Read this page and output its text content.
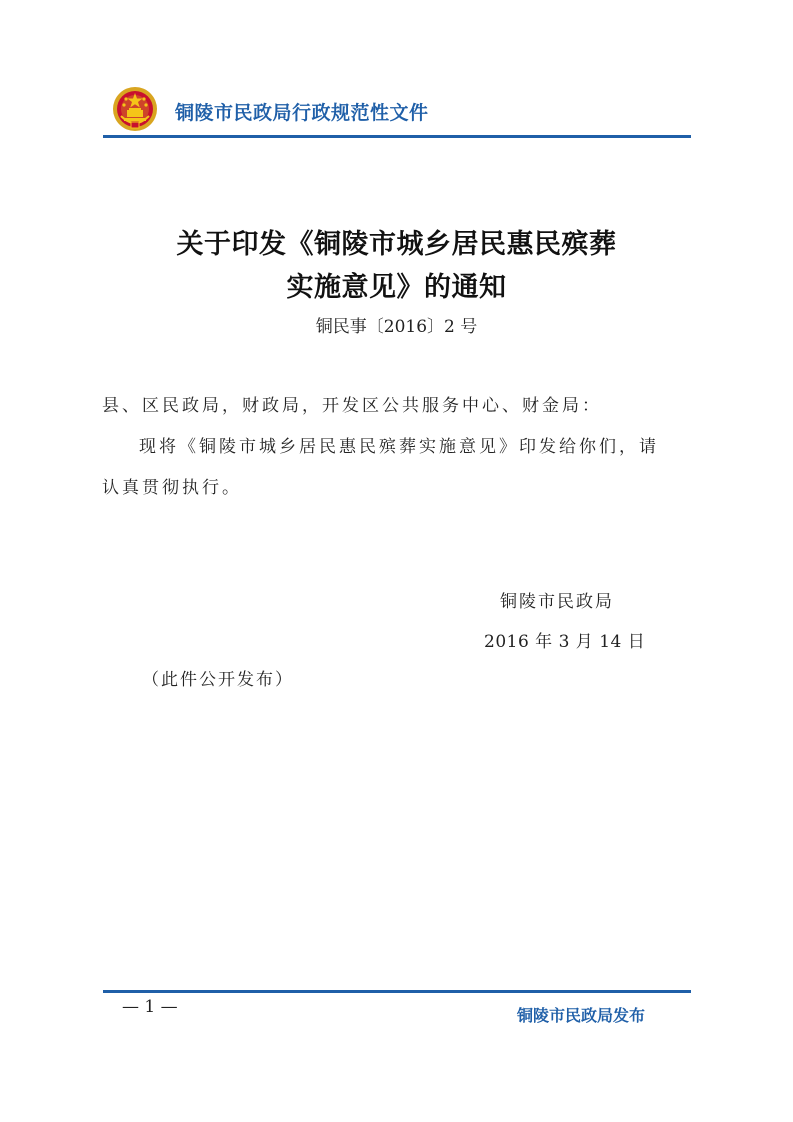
铜陵市民政局行政规范性文件
关于印发《铜陵市城乡居民惠民殡葬
实施意见》的通知
铜民事〔2016〕2 号
县、区民政局，财政局，开发区公共服务中心、财金局：
现将《铜陵市城乡居民惠民殡葬实施意见》印发给你们，请
认真贯彻执行。
铜陵市民政局
2016 年 3 月 14 日
（此件公开发布）
— 1 —	铜陵市民政局发布
